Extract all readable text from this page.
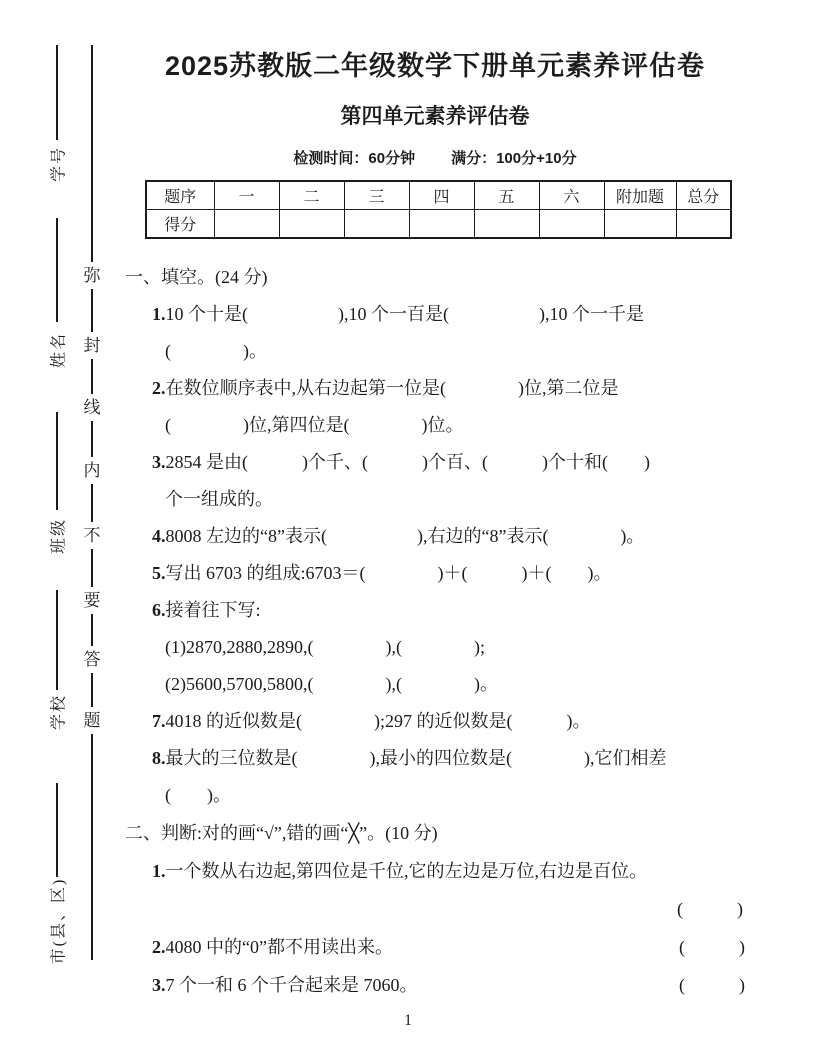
学号
姓名
班级
学校
市(县、区)
弥
封
线
内
不
要
答
题
2025苏教版二年级数学下册单元素养评估卷
第四单元素养评估卷
检测时间：60分钟 满分：100分+10分
题序	一	二	三	四	五	六	附加题	总分
得分								
一、填空。(24 分)
1.10 个十是(　　　　　),10 个一百是(　　　　　),10 个一千是
(　　　　)。
2.在数位顺序表中,从右边起第一位是(　　　　)位,第二位是
(　　　　)位,第四位是(　　　　)位。
3.2854 是由(　　　)个千、(　　　)个百、(　　　)个十和(　　)
个一组成的。
4.8008 左边的“8”表示(　　　　　),右边的“8”表示(　　　　)。
5.写出 6703 的组成:6703＝(　　　　)＋(　　　)＋(　　)。
6.接着往下写:
(1)2870,2880,2890,(　　　　),(　　　　);
(2)5600,5700,5800,(　　　　),(　　　　)。
7.4018 的近似数是(　　　　);297 的近似数是(　　　)。
8.最大的三位数是(　　　　),最小的四位数是(　　　　),它们相差
(　　)。
二、判断:对的画“√”,错的画“╳”。(10 分)
1.一个数从右边起,第四位是千位,它的左边是万位,右边是百位。
(　　　)
2.4080 中的“0”都不用读出来。	(　　　)
3.7 个一和 6 个千合起来是 7060。	(　　　)
1
